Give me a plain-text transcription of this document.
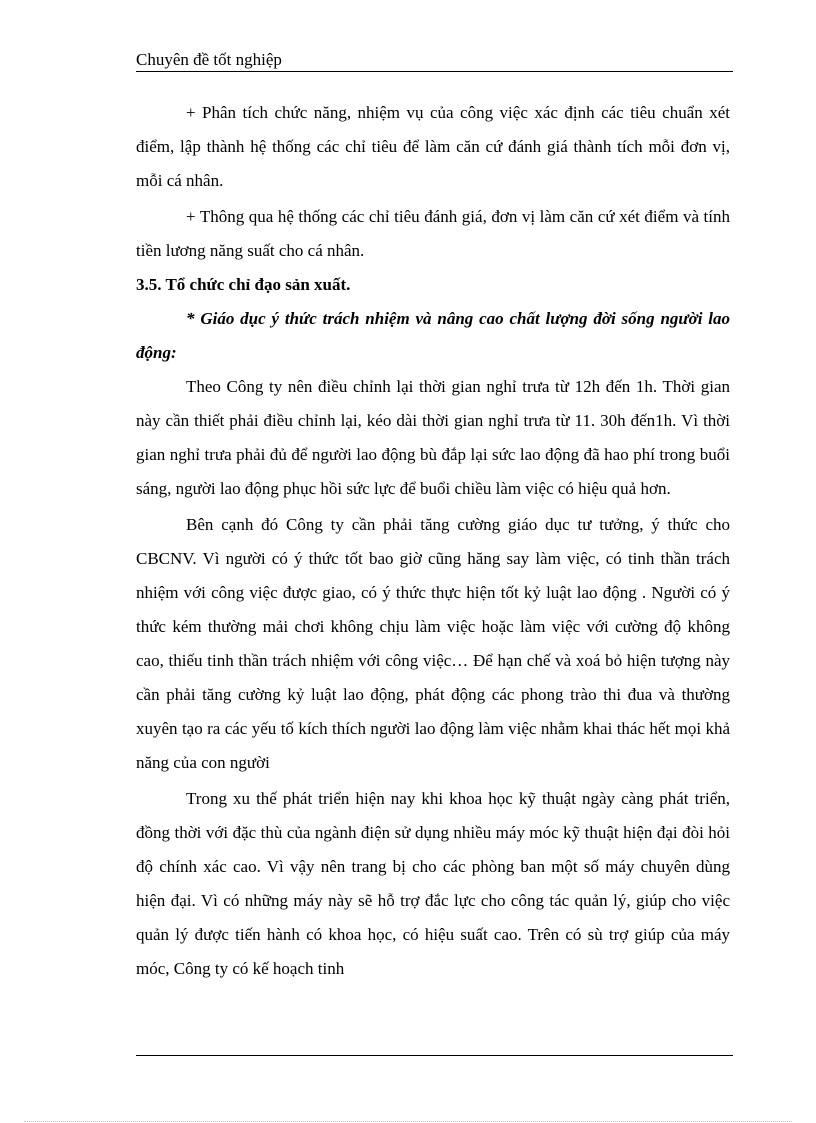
Chuyên đề tốt nghiệp

+ Phân tích chức năng, nhiệm vụ của công việc xác định các tiêu chuẩn xét điểm, lập thành hệ thống các chỉ tiêu để làm căn cứ đánh giá thành tích mỗi đơn vị, mỗi cá nhân.

+ Thông qua hệ thống các chỉ tiêu đánh giá, đơn vị làm căn cứ xét điểm và tính tiền lương năng suất cho cá nhân.

3.5. Tổ chức chỉ đạo sản xuất.

* Giáo dục ý thức trách nhiệm và nâng cao chất lượng đời sống người lao động:

Theo Công ty nên điều chỉnh lại thời gian nghỉ trưa từ 12h đến 1h. Thời gian này cần thiết phải điều chỉnh lại, kéo dài thời gian nghỉ trưa từ 11. 30h đến1h. Vì thời gian nghỉ trưa phải đủ để người lao động bù đắp lại sức lao động đã hao phí trong buổi sáng, người lao động phục hồi sức lực để buổi chiều làm việc có hiệu quả hơn.

Bên cạnh đó Công ty cần phải tăng cường giáo dục tư tưởng, ý thức cho CBCNV. Vì người có ý thức tốt bao giờ cũng hăng say làm việc, có tinh thần trách nhiệm với công việc được giao, có ý thức thực hiện tốt kỷ luật lao động . Người có ý thức kém thường mải chơi không chịu làm việc hoặc làm việc với cường độ không cao, thiếu tinh thần trách nhiệm với công việc… Để hạn chế và xoá bỏ hiện tượng này cần phải tăng cường kỷ luật lao động, phát động các phong trào thi đua và thường xuyên tạo ra các yếu tố kích thích người lao động làm việc nhằm khai thác hết mọi khả năng của con người

Trong xu thế phát triển hiện nay khi khoa học kỹ thuật ngày càng phát triển, đồng thời với đặc thù của ngành điện sử dụng nhiều máy móc kỹ thuật hiện đại đòi hỏi độ chính xác cao. Vì vậy nên trang bị cho các phòng ban một số máy chuyên dùng hiện đại. Vì có những máy này sẽ hỗ trợ đắc lực cho công tác quản lý, giúp cho việc quản lý được tiến hành có khoa học, có hiệu suất cao. Trên có sù trợ giúp của máy móc, Công ty có kế hoạch tinh
